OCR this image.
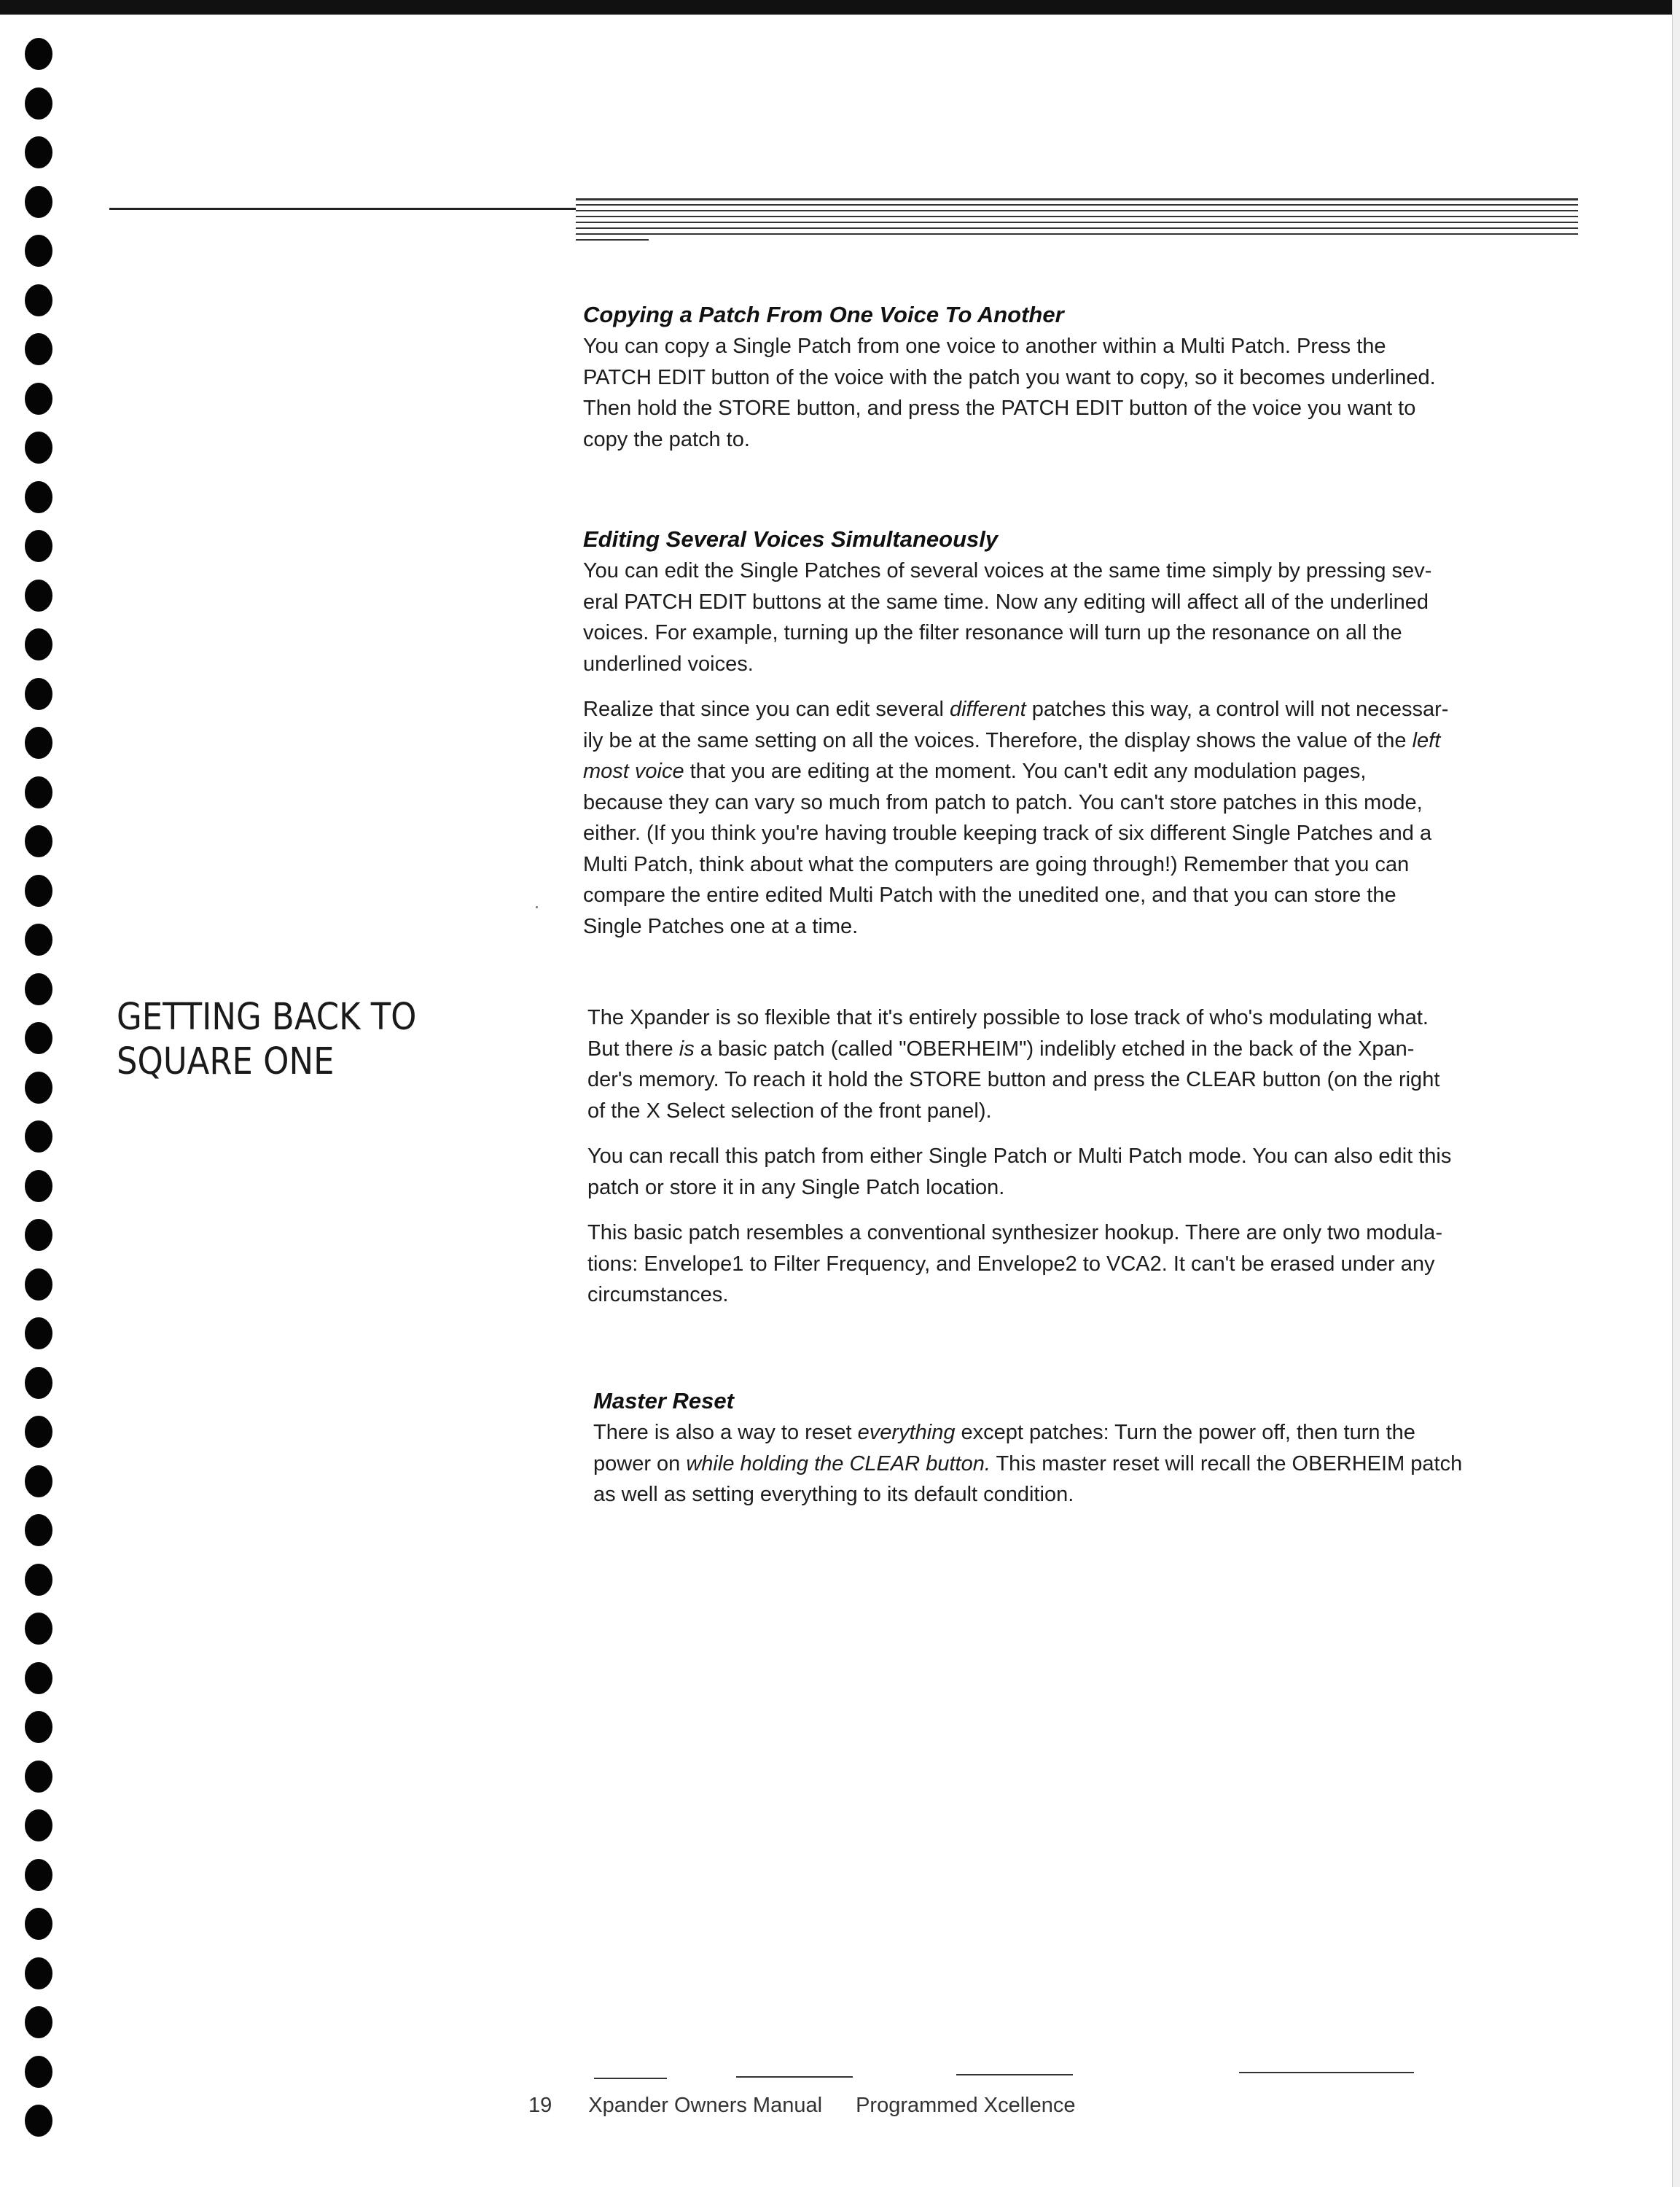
Copying a Patch From One Voice To Another

You can copy a Single Patch from one voice to another within a Multi Patch. Press the
PATCH EDIT button of the voice with the patch you want to copy, so it becomes underlined.
Then hold the STORE button, and press the PATCH EDIT button of the voice you want to
copy the patch to.

Editing Several Voices Simultaneously

You can edit the Single Patches of several voices at the same time simply by pressing sev-
eral PATCH EDIT buttons at the same time. Now any editing will affect all of the underlined
voices. For example, turning up the filter resonance will turn up the resonance on all the
underlined voices.

Realize that since you can edit several different patches this way, a control will not necessar-
ily be at the same setting on all the voices. Therefore, the display shows the value of the left
most voice that you are editing at the moment. You can't edit any modulation pages,
because they can vary so much from patch to patch. You can't store patches in this mode,
either. (If you think you're having trouble keeping track of six different Single Patches and a
Multi Patch, think about what the computers are going through!) Remember that you can
compare the entire edited Multi Patch with the unedited one, and that you can store the
Single Patches one at a time.

GETTING BACK TO
SQUARE ONE

The Xpander is so flexible that it's entirely possible to lose track of who's modulating what.
But there is a basic patch (called "OBERHEIM") indelibly etched in the back of the Xpan-
der's memory. To reach it hold the STORE button and press the CLEAR button (on the right
of the X Select selection of the front panel).

You can recall this patch from either Single Patch or Multi Patch mode. You can also edit this
patch or store it in any Single Patch location.

This basic patch resembles a conventional synthesizer hookup. There are only two modula-
tions: Envelope1 to Filter Frequency, and Envelope2 to VCA2. It can't be erased under any
circumstances.

Master Reset

There is also a way to reset everything except patches: Turn the power off, then turn the
power on while holding the CLEAR button. This master reset will recall the OBERHEIM patch
as well as setting everything to its default condition.

19 Xpander Owners Manual Programmed Xcellence
